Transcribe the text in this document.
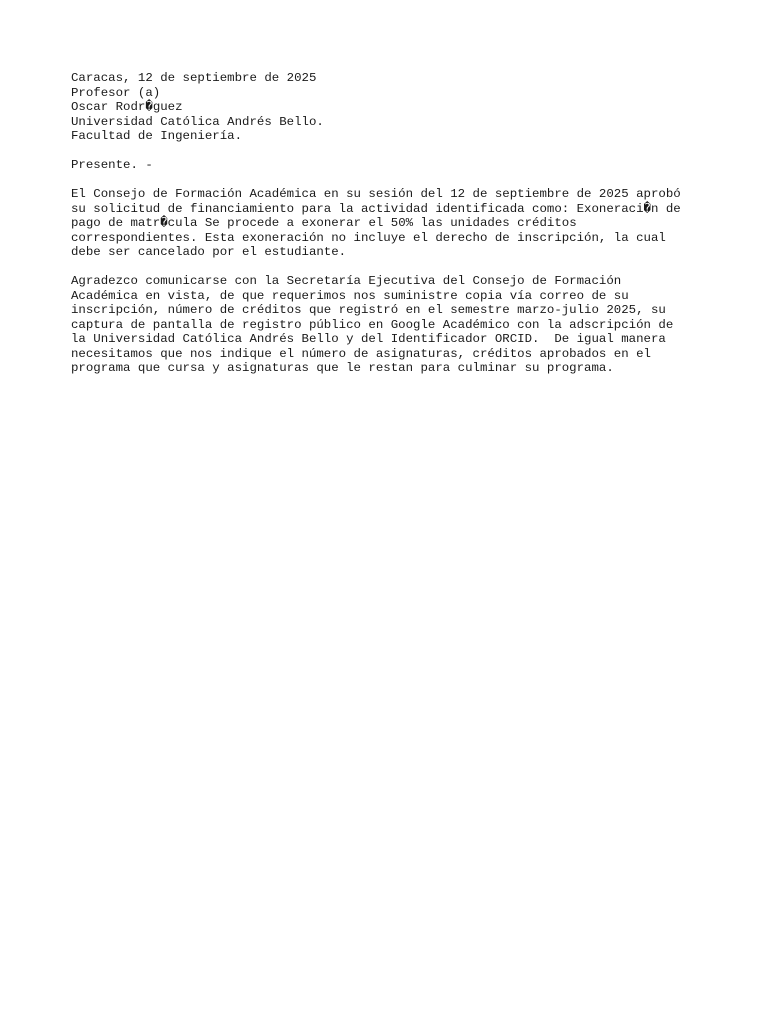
Caracas, 12 de septiembre de 2025
Profesor (a)
Oscar Rodr�guez
Universidad Católica Andrés Bello.
Facultad de Ingeniería.
Presente. -
El Consejo de Formación Académica en su sesión del 12 de septiembre de 2025 aprobó
su solicitud de financiamiento para la actividad identificada como: Exoneraci�n de
pago de matr�cula Se procede a exonerar el 50% las unidades créditos
correspondientes. Esta exoneración no incluye el derecho de inscripción, la cual
debe ser cancelado por el estudiante.
Agradezco comunicarse con la Secretaría Ejecutiva del Consejo de Formación
Académica en vista, de que requerimos nos suministre copia vía correo de su
inscripción, número de créditos que registró en el semestre marzo-julio 2025, su
captura de pantalla de registro público en Google Académico con la adscripción de
la Universidad Católica Andrés Bello y del Identificador ORCID.  De igual manera
necesitamos que nos indique el número de asignaturas, créditos aprobados en el
programa que cursa y asignaturas que le restan para culminar su programa.
